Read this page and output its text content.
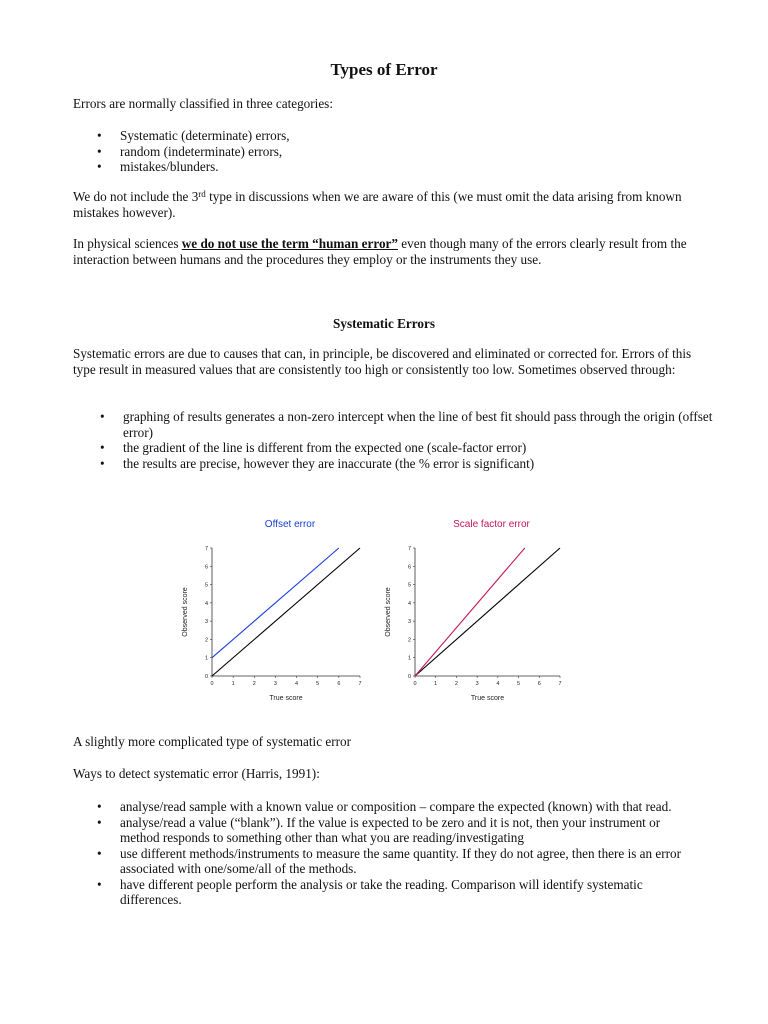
Types of Error

Errors are normally classified in three categories:

• Systematic (determinate) errors,
• random (indeterminate) errors,
• mistakes/blunders.

We do not include the 3rd type in discussions when we are aware of this (we must omit the data arising from known mistakes however).

In physical sciences we do not use the term “human error” even though many of the errors clearly result from the interaction between humans and the procedures they employ or the instruments they use.

Systematic Errors

Systematic errors are due to causes that can, in principle, be discovered and eliminated or corrected for. Errors of this type result in measured values that are consistently too high or consistently too low. Sometimes observed through:

• graphing of results generates a non-zero intercept when the line of best fit should pass through the origin (offset error)
• the gradient of the line is different from the expected one (scale-factor error)
• the results are precise, however they are inaccurate (the % error is significant)
Offset error
0	1	2	3	4	5	6	7
0
1
2
3
4
5
6
7
True score
Observed score
Scale factor error
0	1	2	3	4	5	6	7
0
1
2
3
4
5
6
7
True score
Observed score

A slightly more complicated type of systematic error

Ways to detect systematic error (Harris, 1991):

• analyse/read sample with a known value or composition – compare the expected (known) with that read.
• analyse/read a value (“blank”). If the value is expected to be zero and it is not, then your instrument or method responds to something other than what you are reading/investigating
• use different methods/instruments to measure the same quantity. If they do not agree, then there is an error associated with one/some/all of the methods.
• have different people perform the analysis or take the reading. Comparison will identify systematic differences.
